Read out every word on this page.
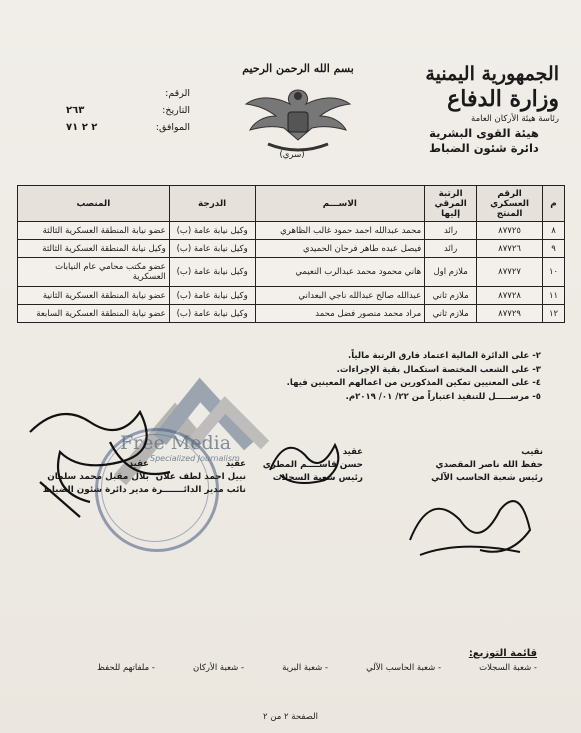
الجمهورية اليمنية
وزارة الدفاع
رئاسة هيئة الأركان العامة
هيئة القوى البشرية
دائرة شئون الضباط
بسم الله الرحمن الرحيم
(سري)
الرقم:
التاريخ:
٢٦٣
الموافق:
٢ ٢ ٧١
م	الرقم العسكري المنتج	الرتبة المرقي إليها	الاســـم	الدرجة	المنصب
٨	٨٧٧٢٥	رائد	محمد عبدالله احمد حمود غالب الظاهري	وكيل نيابة عامة (ب)	عضو نيابة المنطقة العسكرية الثالثة
٩	٨٧٧٢٦	رائد	فيصل عبده طاهر فرحان الحميدي	وكيل نيابة عامة (ب)	وكيل نيابة المنطقة العسكرية الثالثة
١٠	٨٧٧٢٧	ملازم اول	هاني محمود محمد عبدالرب النعيمي	وكيل نيابة عامة (ب)	عضو مكتب محامي عام النيابات العسكرية
١١	٨٧٧٢٨	ملازم ثاني	عبدالله صالح عبدالله ناجي البعداني	وكيل نيابة عامة (ب)	عضو نيابة المنطقة العسكرية الثانية
١٢	٨٧٧٢٩	ملازم ثاني	مراد محمد منصور فضل محمد	وكيل نيابة عامة (ب)	عضو نيابة المنطقة العسكرية السابعة
٢- على الدائرة المالية اعتماد فارق الرتبة مالياً.
٣- على الشعب المختصة استكمال بقية الإجراءات.
٤- على المعنيين تمكين المذكورين من اعمالهم المعينين فيها.
٥- مرســـــل للتنفيذ اعتباراً من ٢٢/ ٠١/ ٢٠١٩م.
Free Media
Specialized Journalism
نقيب
حفظ الله ناصر المقصدي
رئيس شعبة الحاسب الآلي
عقيد
حسن قاســــم المطري
رئيس شعبة السجلات
عقيد
نبيل احمد لطف علان
نائب مدير الدائـــــــرة
عقيد
بلال مقبل محمد سلمان
مدير دائرة شئون الضباط
قائمة التوزيع:
- شعبة السجلات
- شعبة الحاسب الآلي
- شعبة البرية
- شعبة الأركان
- ملفاتهم للحفظ
الصفحة ٢ من ٢
